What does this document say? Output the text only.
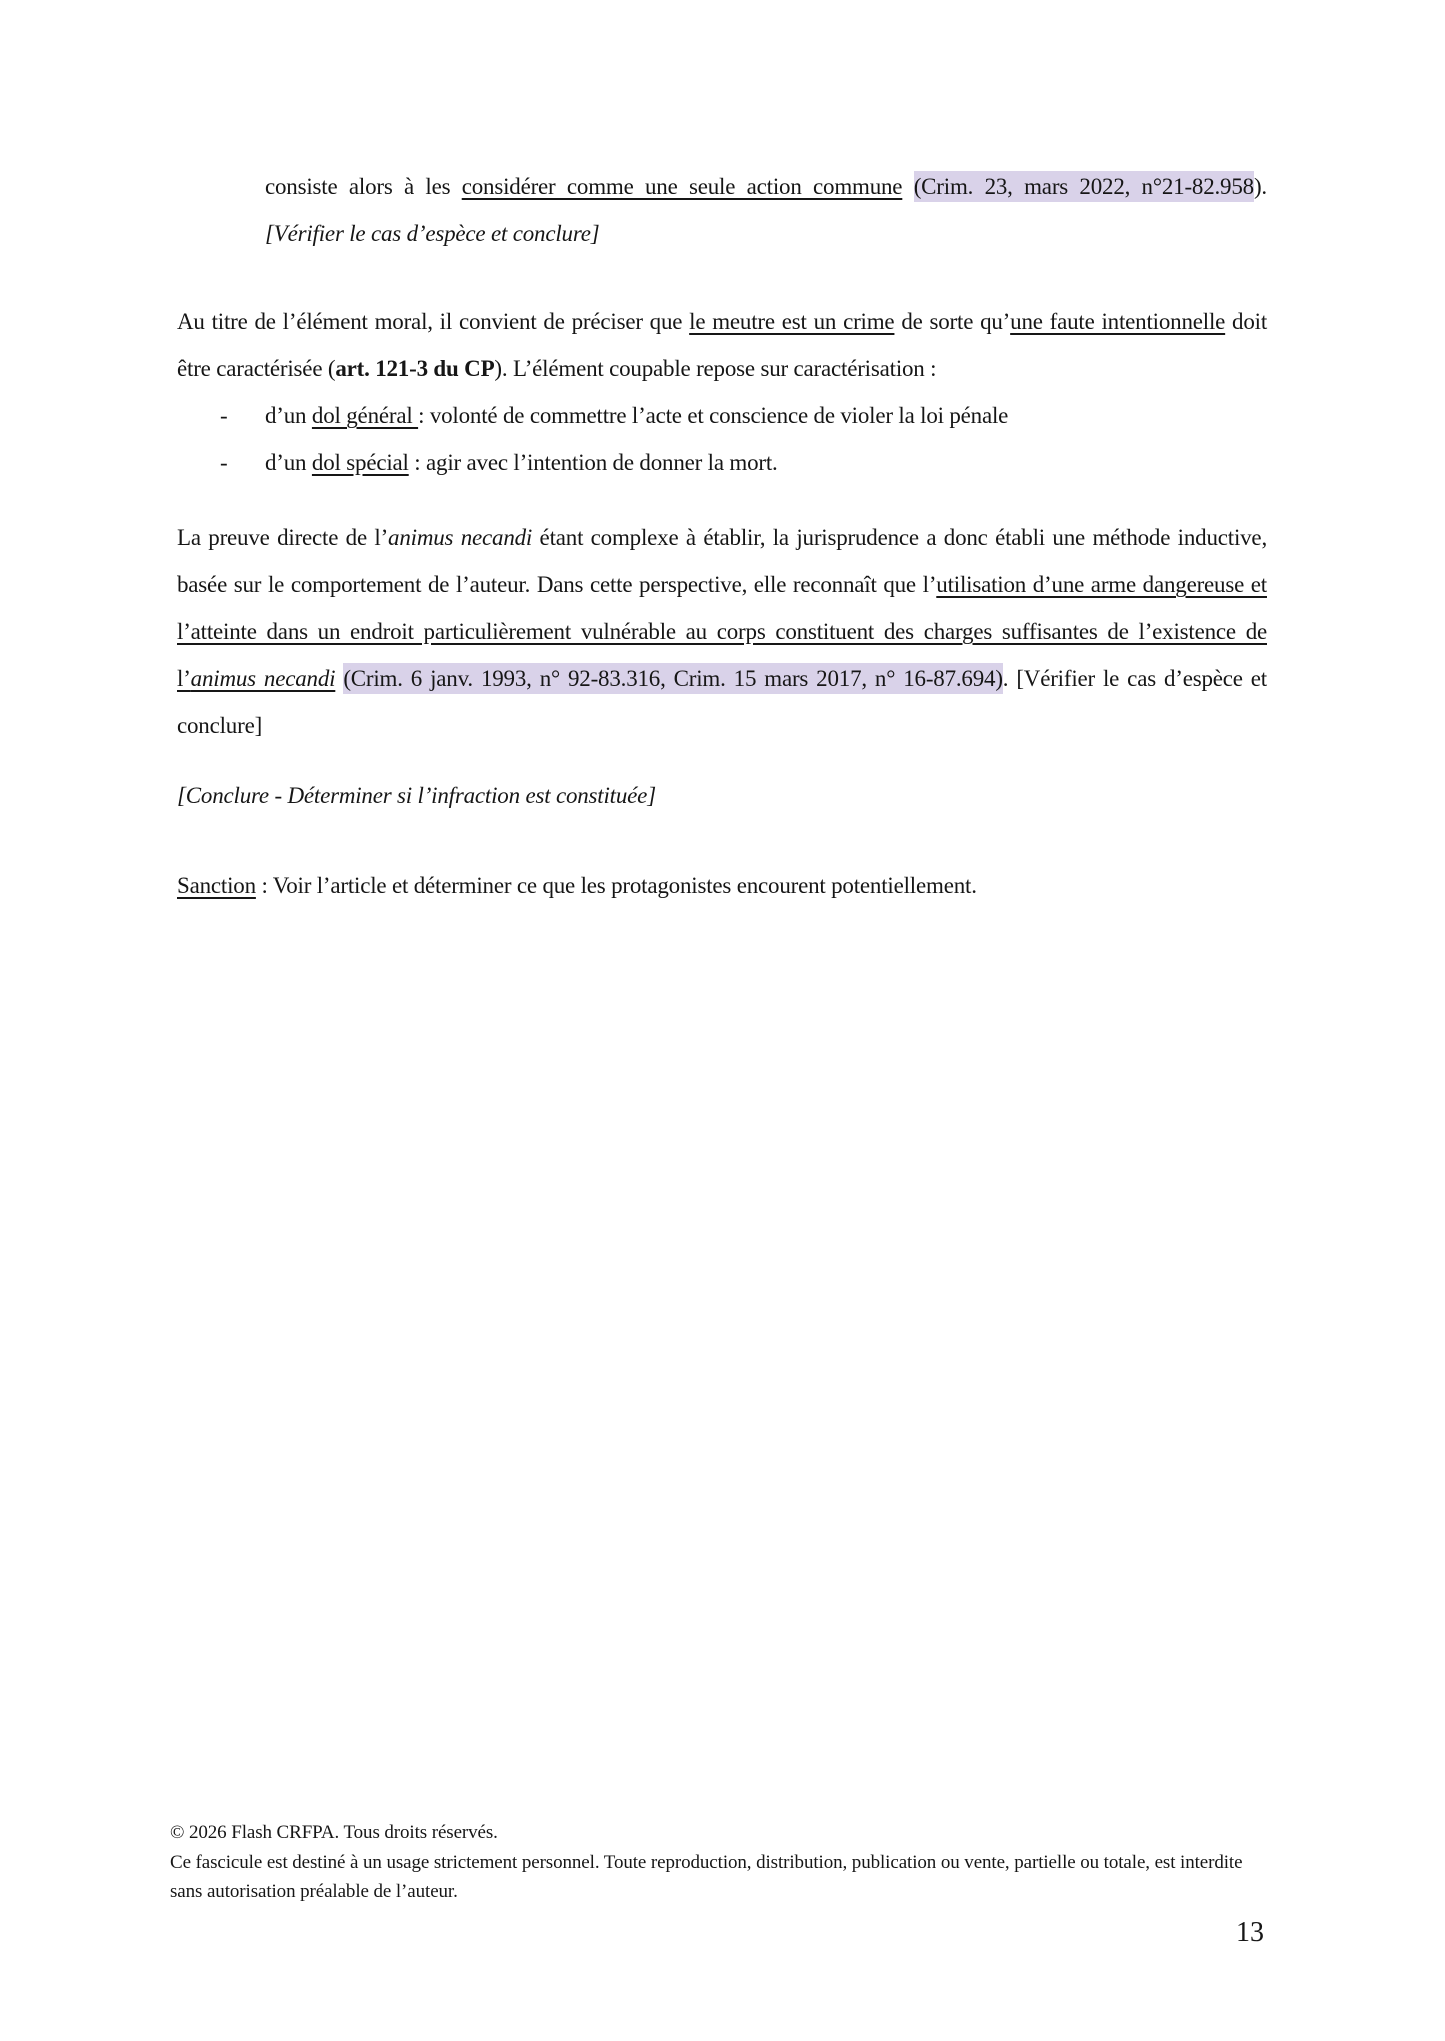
consiste alors à les considérer comme une seule action commune (Crim. 23, mars 2022, n°21-82.958). [Vérifier le cas d’espèce et conclure]

Au titre de l’élément moral, il convient de préciser que le meutre est un crime de sorte qu’une faute intentionnelle doit être caractérisée (art. 121-3 du CP). L’élément coupable repose sur caractérisation :

- d’un dol général : volonté de commettre l’acte et conscience de violer la loi pénale

- d’un dol spécial : agir avec l’intention de donner la mort.

La preuve directe de l’animus necandi étant complexe à établir, la jurisprudence a donc établi une méthode inductive, basée sur le comportement de l’auteur. Dans cette perspective, elle reconnaît que l’utilisation d’une arme dangereuse et l’atteinte dans un endroit particulièrement vulnérable au corps constituent des charges suffisantes de l’existence de l’animus necandi (Crim. 6 janv. 1993, n° 92-83.316, Crim. 15 mars 2017, n° 16-87.694). [Vérifier le cas d’espèce et conclure]

[Conclure - Déterminer si l’infraction est constituée]

Sanction : Voir l’article et déterminer ce que les protagonistes encourent potentiellement.

© 2026 Flash CRFPA. Tous droits réservés.

Ce fascicule est destiné à un usage strictement personnel. Toute reproduction, distribution, publication ou vente, partielle ou totale, est interdite sans autorisation préalable de l’auteur.

13
